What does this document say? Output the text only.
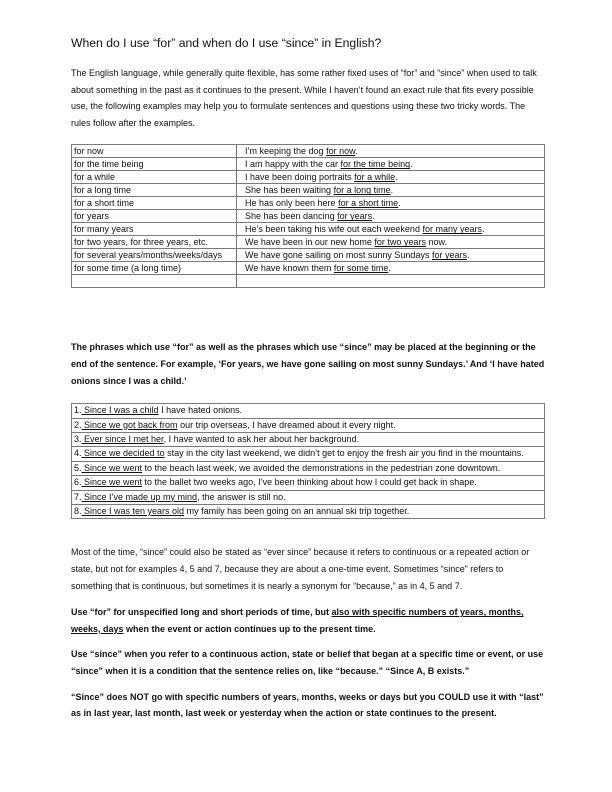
When do I use “for” and when do I use “since” in English?

The English language, while generally quite flexible, has some rather fixed uses of “for” and “since” when used to talk about something in the past as it continues to the present. While I haven’t found an exact rule that fits every possible use, the following examples may help you to formulate sentences and questions using these two tricky words. The rules follow after the examples.

for now	I’m keeping the dog for now.
for the time being	I am happy with the car for the time being.
for a while	I have been doing portraits for a while.
for a long time	She has been waiting for a long time.
for a short time	He has only been here for a short time.
for years	She has been dancing for years.
for many years	He’s been taking his wife out each weekend for many years.
for two years, for three years, etc.	We have been in our new home for two years now.
for several years/months/weeks/days	We have gone sailing on most sunny Sundays for years.
for some time (a long time)	We have known them for some time.

The phrases which use “for” as well as the phrases which use “since” may be placed at the beginning or the end of the sentence. For example, ‘For years, we have gone sailing on most sunny Sundays.’ And ‘I have hated onions since I was a child.’

1. Since I was a child I have hated onions.
2. Since we got back from our trip overseas, I have dreamed about it every night.
3. Ever since I met her, I have wanted to ask her about her background.
4. Since we decided to stay in the city last weekend, we didn’t get to enjoy the fresh air you find in the mountains.
5. Since we went to the beach last week, we avoided the demonstrations in the pedestrian zone downtown.
6. Since we went to the ballet two weeks ago, I’ve been thinking about how I could get back in shape.
7. Since I’ve made up my mind, the answer is still no.
8. Since I was ten years old my family has been going on an annual ski trip together.

Most of the time, “since” could also be stated as “ever since” because it refers to continuous or a repeated action or state, but not for examples 4, 5 and 7, because they are about a one-time event. Sometimes “since” refers to something that is continuous, but sometimes it is nearly a synonym for “because,” as in 4, 5 and 7.

Use “for” for unspecified long and short periods of time, but also with specific numbers of years, months, weeks, days when the event or action continues up to the present time.

Use “since” when you refer to a continuous action, state or belief that began at a specific time or event, or use “since” when it is a condition that the sentence relies on, like “because.” “Since A, B exists.”

“Since” does NOT go with specific numbers of years, months, weeks or days but you COULD use it with “last” as in last year, last month, last week or yesterday when the action or state continues to the present.
